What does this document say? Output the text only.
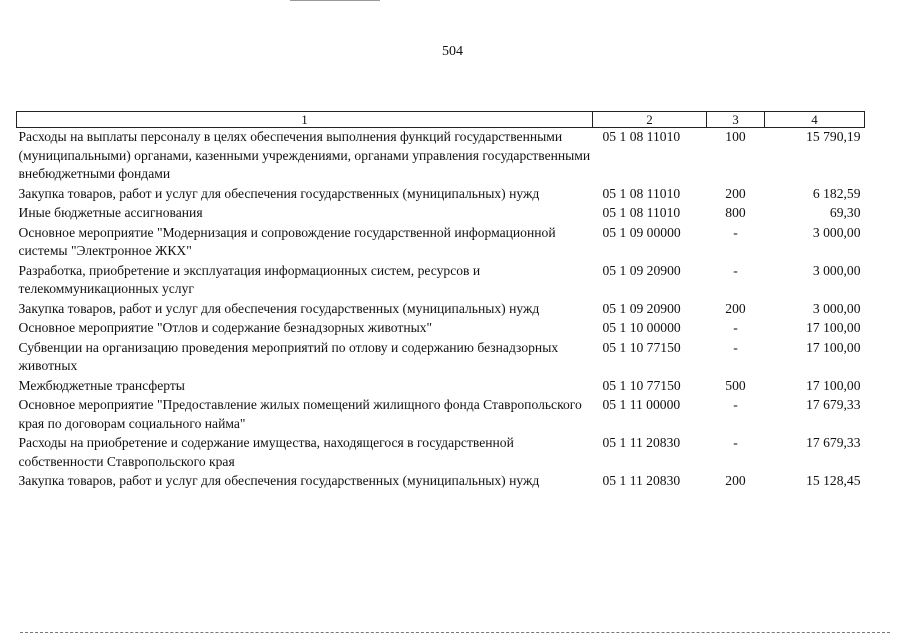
504
1	2	3	4
Расходы на выплаты персоналу в целях обеспечения выполнения функций государственными (муниципальными) органами, казенными учреждениями, органами управления государственными внебюджетными фондами	05 1 08 11010	100	15 790,19
Закупка товаров, работ и услуг для обеспечения государственных (муниципальных) нужд	05 1 08 11010	200	6 182,59
Иные бюджетные ассигнования	05 1 08 11010	800	69,30
Основное мероприятие "Модернизация и сопровождение государственной информационной системы "Электронное ЖКХ"	05 1 09 00000	-	3 000,00
Разработка, приобретение и эксплуатация информационных систем, ресурсов и телекоммуникационных услуг	05 1 09 20900	-	3 000,00
Закупка товаров, работ и услуг для обеспечения государственных (муниципальных) нужд	05 1 09 20900	200	3 000,00
Основное мероприятие "Отлов и содержание безнадзорных животных"	05 1 10 00000	-	17 100,00
Субвенции на организацию проведения мероприятий по отлову и содержанию безнадзорных животных	05 1 10 77150	-	17 100,00
Межбюджетные трансферты	05 1 10 77150	500	17 100,00
Основное мероприятие "Предоставление жилых помещений жилищного фонда Ставропольского края по договорам социального найма"	05 1 11 00000	-	17 679,33
Расходы на приобретение и содержание имущества, находящегося в государственной собственности Ставропольского края	05 1 11 20830	-	17 679,33
Закупка товаров, работ и услуг для обеспечения государственных (муниципальных) нужд	05 1 11 20830	200	15 128,45
